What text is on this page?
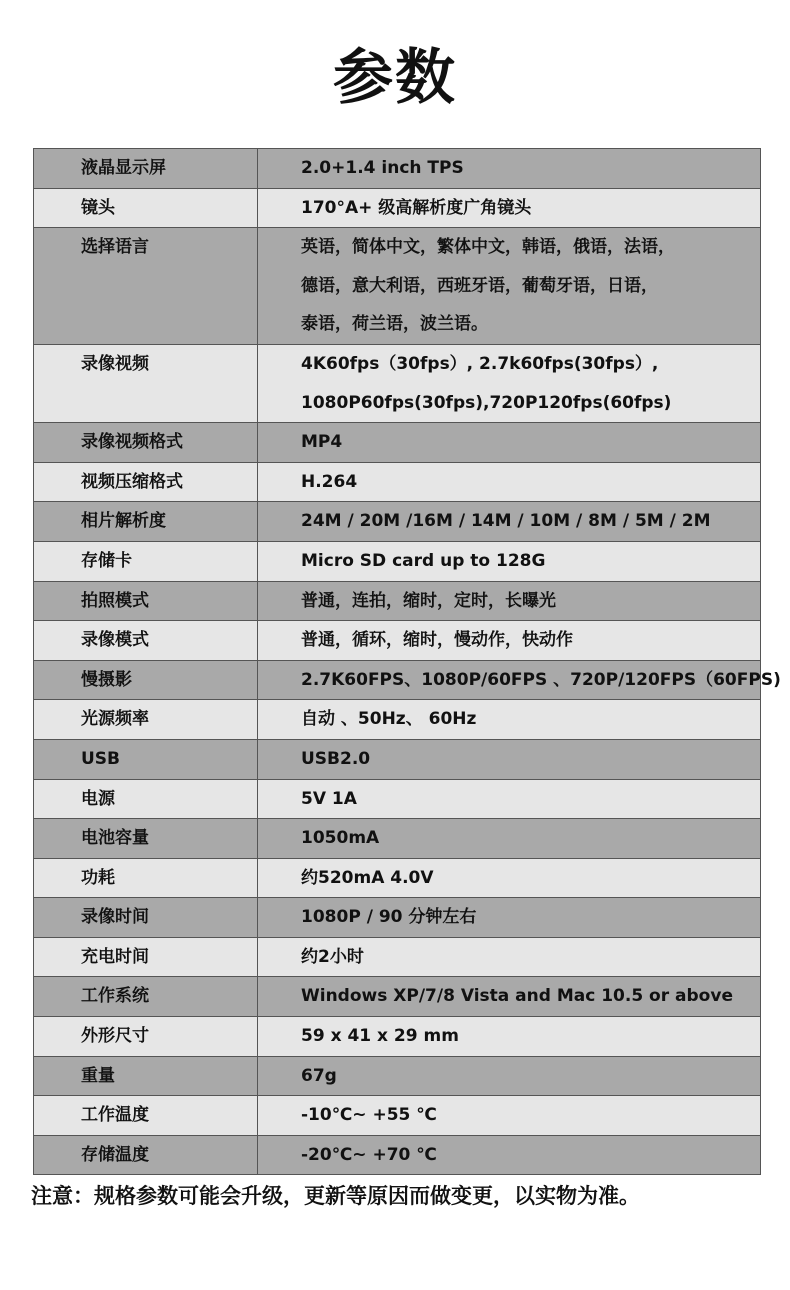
参数
液晶显示屏	2.0+1.4 inch TPS

镜头	170°A+ 级高解析度广角镜头

选择语言	英语，简体中文，繁体中文，韩语，俄语，法语，
德语，意大利语，西班牙语，葡萄牙语，日语，
泰语，荷兰语，波兰语。

录像视频	4K60fps（30fps）, 2.7k60fps(30fps）,
1080P60fps(30fps),720P120fps(60fps)

录像视频格式	MP4

视频压缩格式	H.264

相片解析度	24M / 20M /16M / 14M / 10M / 8M / 5M / 2M

存储卡	Micro SD card up to 128G

拍照模式	普通，连拍，缩时，定时，长曝光

录像模式	普通，循环，缩时，慢动作，快动作

慢摄影	2.7K60FPS、1080P/60FPS 、720P/120FPS（60FPS)

光源频率	自动 、50Hz、 60Hz

USB	USB2.0

电源	5V 1A

电池容量	1050mA

功耗	约520mA 4.0V

录像时间	1080P / 90 分钟左右

充电时间	约2小时

工作系统	Windows XP/7/8 Vista and Mac 10.5 or above

外形尺寸	59 x 41 x 29 mm

重量	67g

工作温度	-10℃~ +55 ℃

存储温度	-20℃~ +70 ℃
注意：规格参数可能会升级，更新等原因而做变更，以实物为准。
